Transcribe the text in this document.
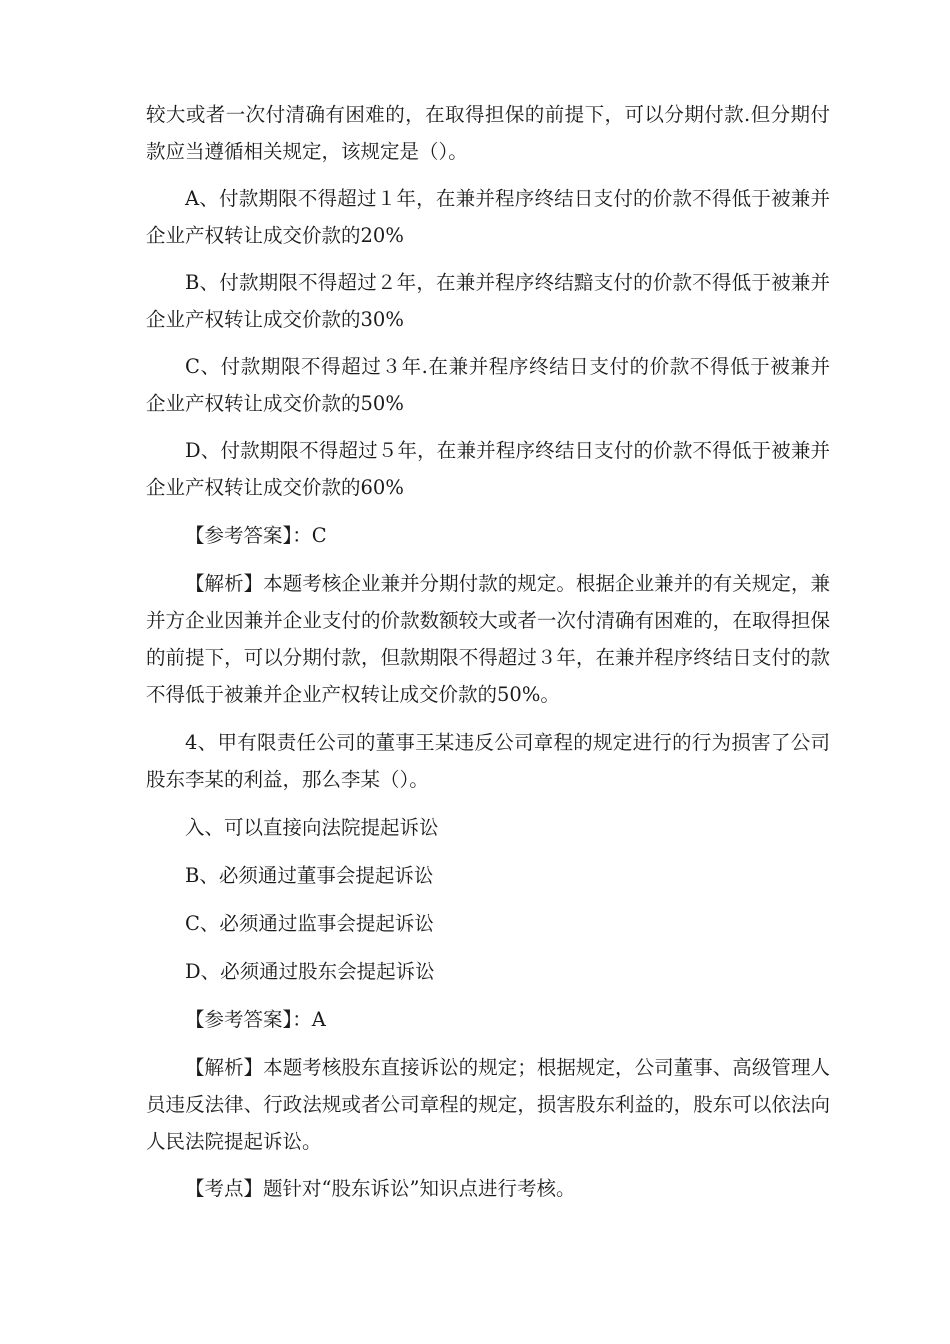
较大或者一次付清确有困难的，在取得担保的前提下，可以分期付款.但分期付款应当遵循相关规定，该规定是（）。

A、付款期限不得超过１年，在兼并程序终结日支付的价款不得低于被兼并企业产权转让成交价款的20%

B、付款期限不得超过２年，在兼并程序终结黯支付的价款不得低于被兼并企业产权转让成交价款的30%

C、付款期限不得超过３年.在兼并程序终结日支付的价款不得低于被兼并企业产权转让成交价款的50%

D、付款期限不得超过５年，在兼并程序终结日支付的价款不得低于被兼并企业产权转让成交价款的60%

【参考答案】：C

【解析】本题考核企业兼并分期付款的规定。根据企业兼并的有关规定，兼并方企业因兼并企业支付的价款数额较大或者一次付清确有困难的，在取得担保的前提下，可以分期付款，但款期限不得超过３年，在兼并程序终结日支付的款不得低于被兼并企业产权转让成交价款的50%。

4、甲有限责任公司的董事王某违反公司章程的规定进行的行为损害了公司股东李某的利益，那么李某（）。

入、可以直接向法院提起诉讼

B、必须通过董事会提起诉讼

C、必须通过监事会提起诉讼

D、必须通过股东会提起诉讼

【参考答案】：A

【解析】本题考核股东直接诉讼的规定；根据规定，公司董事、高级管理人员违反法律、行政法规或者公司章程的规定，损害股东利益的，股东可以依法向人民法院提起诉讼。

【考点】题针对“股东诉讼”知识点进行考核。
